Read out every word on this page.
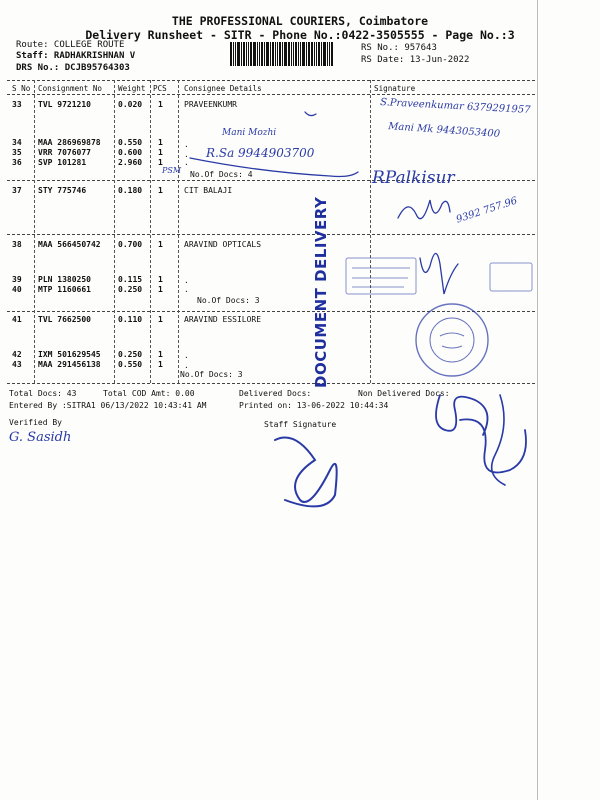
THE PROFESSIONAL COURIERS, Coimbatore
Delivery Runsheet - SITR - Phone No.:0422-3505555 - Page No.:3
Route: COLLEGE ROUTE
Staff: RADHAKRISHNAN V
DRS No.: DCJB95764303
RS No.: 957643
RS Date: 13-Jun-2022
S No Consignment No Weight PCS Consignee Details	Signature
33 TVL 9721210	0.020 1	PRAVEENKUMR
34 MAA 286969878 0.550 1	.
35 VRR 7076077	0.600 1	.
36 SVP 101281	2.960 1	.
No.Of Docs: 4
37 STY 775746	0.180 1	CIT BALAJI
38 MAA 566450742 0.700 1	ARAVIND OPTICALS
39 PLN 1380250	0.115 1	.
40 MTP 1160661	0.250 1	.
No.Of Docs: 3
41 TVL 7662500	0.110 1	ARAVIND ESSILORE
42 IXM 501629545 0.250 1	.
43 MAA 291456138 0.550 1	.
No.Of Docs: 3
Total Docs: 43	Total COD Amt: 0.00	Delivered Docs:	Non Delivered Docs:
Entered By :SITRA1 06/13/2022 10:43:41 AM	Printed on: 13-06-2022 10:44:34
Verified By	Staff Signature
DOCUMENT DELIVERY
S.Praveenkumar 6379291957
Mani Mk 9443053400
Mani Mozhi
R.Sa 9944903700
PSM	RPalkisur
9392 757.96
G. Sasidh
